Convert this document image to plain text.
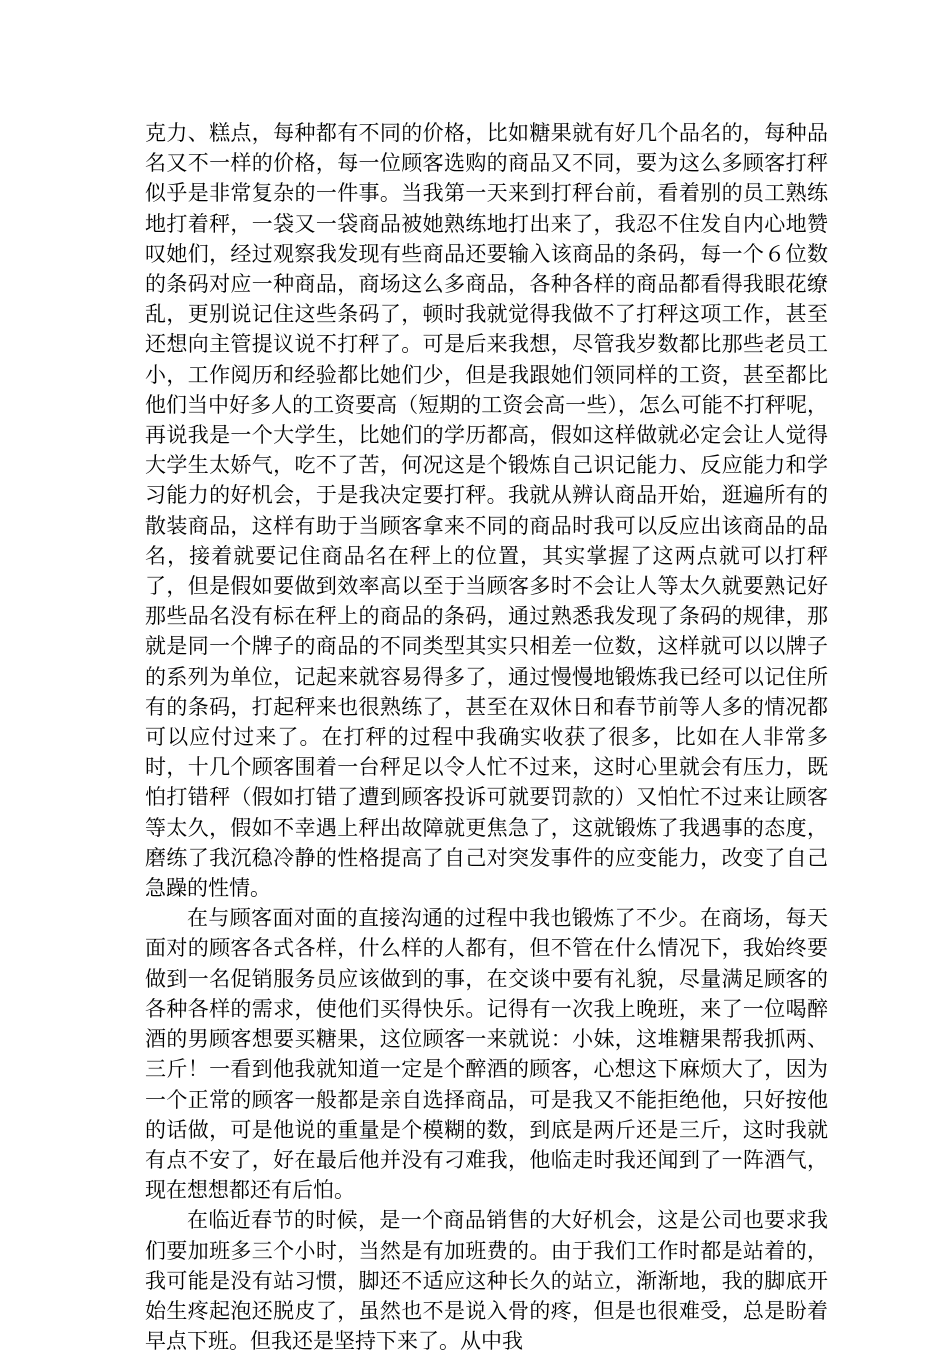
克力、糕点，每种都有不同的价格，比如糖果就有好几个品名的，每种品名又不一样的价格，每一位顾客选购的商品又不同，要为这么多顾客打秤似乎是非常复杂的一件事。当我第一天来到打秤台前，看着别的员工熟练地打着秤，一袋又一袋商品被她熟练地打出来了，我忍不住发自内心地赞叹她们，经过观察我发现有些商品还要输入该商品的条码，每一个６位数的条码对应一种商品，商场这么多商品，各种各样的商品都看得我眼花缭乱，更别说记住这些条码了，顿时我就觉得我做不了打秤这项工作，甚至还想向主管提议说不打秤了。可是后来我想，尽管我岁数都比那些老员工小，工作阅历和经验都比她们少，但是我跟她们领同样的工资，甚至都比他们当中好多人的工资要高（短期的工资会高一些），怎么可能不打秤呢，再说我是一个大学生，比她们的学历都高，假如这样做就必定会让人觉得大学生太娇气，吃不了苦，何况这是个锻炼自己识记能力、反应能力和学习能力的好机会，于是我决定要打秤。我就从辨认商品开始，逛遍所有的散装商品，这样有助于当顾客拿来不同的商品时我可以反应出该商品的品名，接着就要记住商品名在秤上的位置，其实掌握了这两点就可以打秤了，但是假如要做到效率高以至于当顾客多时不会让人等太久就要熟记好那些品名没有标在秤上的商品的条码，通过熟悉我发现了条码的规律，那就是同一个牌子的商品的不同类型其实只相差一位数，这样就可以以牌子的系列为单位，记起来就容易得多了，通过慢慢地锻炼我已经可以记住所有的条码，打起秤来也很熟练了，甚至在双休日和春节前等人多的情况都可以应付过来了。在打秤的过程中我确实收获了很多，比如在人非常多时，十几个顾客围着一台秤足以令人忙不过来，这时心里就会有压力，既怕打错秤（假如打错了遭到顾客投诉可就要罚款的）又怕忙不过来让顾客等太久，假如不幸遇上秤出故障就更焦急了，这就锻炼了我遇事的态度，磨练了我沉稳冷静的性格提高了自己对突发事件的应变能力，改变了自己急躁的性情。

在与顾客面对面的直接沟通的过程中我也锻炼了不少。在商场，每天面对的顾客各式各样，什么样的人都有，但不管在什么情况下，我始终要做到一名促销服务员应该做到的事，在交谈中要有礼貌，尽量满足顾客的各种各样的需求，使他们买得快乐。记得有一次我上晚班，来了一位喝醉酒的男顾客想要买糖果，这位顾客一来就说：小妹，这堆糖果帮我抓两、三斤！一看到他我就知道一定是个醉酒的顾客，心想这下麻烦大了，因为一个正常的顾客一般都是亲自选择商品，可是我又不能拒绝他，只好按他的话做，可是他说的重量是个模糊的数，到底是两斤还是三斤，这时我就有点不安了，好在最后他并没有刁难我，他临走时我还闻到了一阵酒气，现在想想都还有后怕。

在临近春节的时候，是一个商品销售的大好机会，这是公司也要求我们要加班多三个小时，当然是有加班费的。由于我们工作时都是站着的，我可能是没有站习惯，脚还不适应这种长久的站立，渐渐地，我的脚底开始生疼起泡还脱皮了，虽然也不是说入骨的疼，但是也很难受，总是盼着早点下班。但我还是坚持下来了。从中我
